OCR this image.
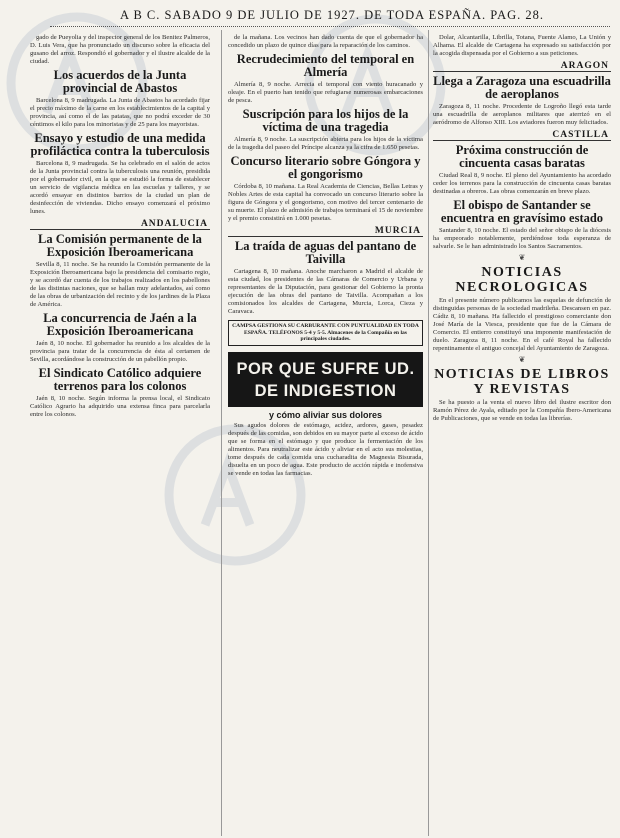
A B C. SABADO 9 DE JULIO DE 1927. DE TODA ESPAÑA. PAG. 28.
gado de Pueyolia y del inspector general de los Benitez Palmeros, D. Luis Vera, que ha pronunciado un discurso sobre la eficacia del gusano del arroz. Respondió el gobernador y el ilustre alcalde de la ciudad.
Los acuerdos de la Junta provincial de Abastos
Barcelona 8, 9 madrugada. La Junta de Abastos ha acordado fijar el precio máximo de la carne en los establecimientos de la capital y provincia, así como el de las patatas, que no podrá exceder de 30 céntimos el kilo para los minoristas y de 25 para los mayoristas.
Ensayo y estudio de una medida profiláctica contra la tuberculosis
Barcelona 8, 9 madrugada. Se ha celebrado en el salón de actos de la Junta provincial contra la tuberculosis una reunión, presidida por el gobernador civil, en la que se estudió la forma de establecer un servicio de vigilancia médica en las escuelas y talleres, y se acordó ensayar en distintos barrios de la ciudad un plan de desinfección de viviendas. Dicho ensayo comenzará el próximo lunes.
ANDALUCIA
La Comisión permanente de la Exposición Iberoamericana
Sevilla 8, 11 noche. Se ha reunido la Comisión permanente de la Exposición Iberoamericana bajo la presidencia del comisario regio, y se acordó dar cuenta de los trabajos realizados en los pabellones de las distintas naciones, que se hallan muy adelantados, así como de las obras de urbanización del recinto y de los jardines de la Plaza de América.
La concurrencia de Jaén a la Exposición Iberoamericana
Jaén 8, 10 noche. El gobernador ha reunido a los alcaldes de la provincia para tratar de la concurrencia de ésta al certamen de Sevilla, acordándose la construcción de un pabellón propio.
El Sindicato Católico adquiere terrenos para los colonos
Jaén 8, 10 noche. Según informa la prensa local, el Sindicato Católico Agrario ha adquirido una extensa finca para parcelarla entre los colonos.
de la mañana. Los vecinos han dado cuenta de que el gobernador ha concedido un plazo de quince días para la reparación de los caminos.
Recrudecimiento del temporal en Almería
Almería 8, 9 noche. Arrecia el temporal con viento huracanado y oleaje. En el puerto han tenido que refugiarse numerosas embarcaciones de pesca.
Suscripción para los hijos de la víctima de una tragedia
Almería 8, 9 noche. La suscripción abierta para los hijos de la víctima de la tragedia del paseo del Príncipe alcanza ya la cifra de 1.650 pesetas.
Concurso literario sobre Góngora y el gongorismo
Córdoba 8, 10 mañana. La Real Academia de Ciencias, Bellas Letras y Nobles Artes de esta capital ha convocado un concurso literario sobre la figura de Góngora y el gongorismo, con motivo del tercer centenario de su muerte. El plazo de admisión de trabajos terminará el 15 de noviembre y el premio consistirá en 1.000 pesetas.
MURCIA
La traída de aguas del pantano de Taivilla
Cartagena 8, 10 mañana. Anoche marcharon a Madrid el alcalde de esta ciudad, los presidentes de las Cámaras de Comercio y Urbana y representantes de la Diputación, para gestionar del Gobierno la pronta ejecución de las obras del pantano de Taivilla. Acompañan a los comisionados los alcaldes de Cartagena, Murcia, Lorca, Cieza y Caravaca.
CAMPSA GESTIONA SU CARBURANTE CON PUNTUALIDAD EN TODA ESPAÑA. TELÉFONOS 5-4 y 5-5. Almacenes de la Compañía en las principales ciudades.
POR QUE SUFRE UD.
DE INDIGESTION
y cómo aliviar sus dolores
Sus agudos dolores de estómago, acidez, ardores, gases, pesadez después de las comidas, son debidos en su mayor parte al exceso de ácido que se forma en el estómago y que produce la fermentación de los alimentos. Para neutralizar este ácido y aliviar en el acto sus molestias, tome después de cada comida una cucharadita de Magnesia Bisurada, disuelta en un poco de agua. Este producto de acción rápida e inofensiva se vende en todas las farmacias.
Dolar, Alcantarilla, Librilla, Totana, Fuente Alamo, La Unión y Alhama. El alcalde de Cartagena ha expresado su satisfacción por la acogida dispensada por el Gobierno a sus peticiones.
ARAGON
Llega a Zaragoza una escuadrilla de aeroplanos
Zaragoza 8, 11 noche. Procedente de Logroño llegó esta tarde una escuadrilla de aeroplanos militares que aterrizó en el aeródromo de Alfonso XIII. Los aviadores fueron muy felicitados.
CASTILLA
Próxima construcción de cincuenta casas baratas
Ciudad Real 8, 9 noche. El pleno del Ayuntamiento ha acordado ceder los terrenos para la construcción de cincuenta casas baratas destinadas a obreros. Las obras comenzarán en breve plazo.
El obispo de Santander se encuentra en gravísimo estado
Santander 8, 10 noche. El estado del señor obispo de la diócesis ha empeorado notablemente, perdiéndose toda esperanza de salvarle. Se le han administrado los Santos Sacramentos.
❦
NOTICIAS NECROLOGICAS
En el presente número publicamos las esquelas de defunción de distinguidas personas de la sociedad madrileña. Descansen en paz. Cádiz 8, 10 mañana. Ha fallecido el prestigioso comerciante don José María de la Viesca, presidente que fue de la Cámara de Comercio. El entierro constituyó una imponente manifestación de duelo. Zaragoza 8, 11 noche. En el café Royal ha fallecido repentinamente el antiguo concejal del Ayuntamiento de Zaragoza.
❦
NOTICIAS DE LIBROS Y REVISTAS
Se ha puesto a la venta el nuevo libro del ilustre escritor don Ramón Pérez de Ayala, editado por la Compañía Ibero-Americana de Publicaciones, que se vende en todas las librerías.
